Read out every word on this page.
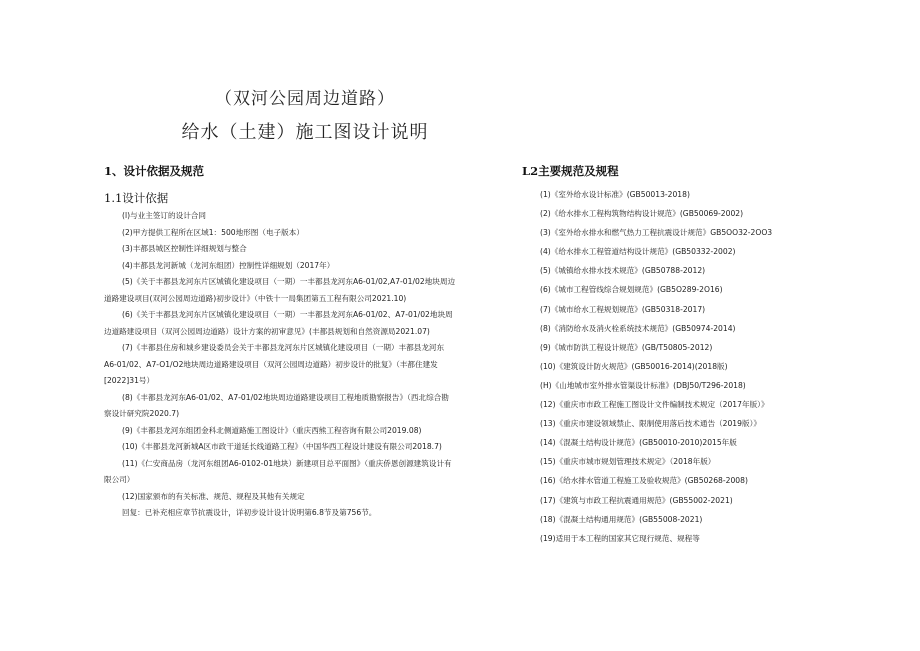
（双河公园周边道路）
给水（土建）施工图设计说明
1、设计依据及规范
1.1设计依据

(l)与业主签订的设计合同

(2)甲方提供工程所在区域1：500地形图（电子版本）

(3)丰都县城区控制性详细规划与整合

(4)丰都县龙河新城（龙河东组团）控制性详细规划（2017年）

(5)《关于丰都县龙河东片区城镇化建设项目（一期）一丰都县龙河东A6-01/02,A7-01/02地块周边道路建设项目(双河公园周边道路)初步设计》（中铁十一局集团第五工程有限公司2021.10)

(6)《关于丰都县龙河东片区城镇化建设项目（一期）一丰都县龙河东A6-01/02、A7-01/02地块周边道路建设项目（双河公园周边道路）设计方案的初审意见》(丰都县规划和自然资源局2021.07)

(7)《丰都县住房和城乡建设委员会关于丰都县龙河东片区城镇化建设项目（一期）丰都县龙河东A6-01/02、A7-O1/O2地块周边道路建设项目（双河公园周边道路）初步设计的批复》（丰都住建发[2022]31号）

(8)《丰都县龙河东A6-01/02、A7-01/02地块周边道路建设项目工程地质勘察报告》（西北综合勘察设计研究院2020.7)

(9)《丰都县龙河东组团金科北侧道路施工图设计》（重庆西熊工程咨询有限公司2019.08)

(10)《丰都县龙河新城A区市政干道延长线道路工程》（中国华西工程设计建设有限公司2018.7)

(11)《仁安商品房（龙河东组团A6-0102-01地块）新建项目总平面图》（重庆侨恩创源建筑设计有限公司）

(12)国家颁布的有关标准、规范、规程及其他有关规定

回复：已补充相应章节抗震设计，详初步设计设计说明第6.8节及第756节。

L2主要规范及规程

(1)《室外给水设计标准》(GB50013-2018)

(2)《给水排水工程构筑物结构设计规范》(GB50069-2002)

(3)《室外给水排水和燃气热力工程抗震设计规范》GB5OO32-2OO3

(4)《给水排水工程管道结构设计规范》(GB50332-2002)

(5)《城镇给水排水技术规范》(GB50788-2012)

(6)《城市工程管线综合规划规范》(GB5O289-2O16)

(7)《城市给水工程规划规范》(GB50318-2017)

(8)《消防给水及消火栓系统技术规范》(GB50974-2014)

(9)《城市防洪工程设计规范》(GB/T50805-2012)

(10)《建筑设计防火规范》(GB50016-2014)(2018版)

(H)《山地城市室外排水管渠设计标准》(DBJ50/T296-2018)

(12)《重庆市市政工程施工图设计文件编制技术规定（2017年版）》

(13)《重庆市建设领域禁止、限制使用落后技术通告（2019版）》

(14)《混凝土结构设计规范》(GB50010-2010)2015年版

(15)《重庆市城市规划管理技术规定》（2018年版）

(16)《给水排水管道工程施工及验收规范》(GB50268-2008)

(17)《建筑与市政工程抗震通用规范》(GB55002-2021)

(18)《混凝土结构通用规范》(GB55008-2021)

(19)适用于本工程的国家其它现行规范、规程等
